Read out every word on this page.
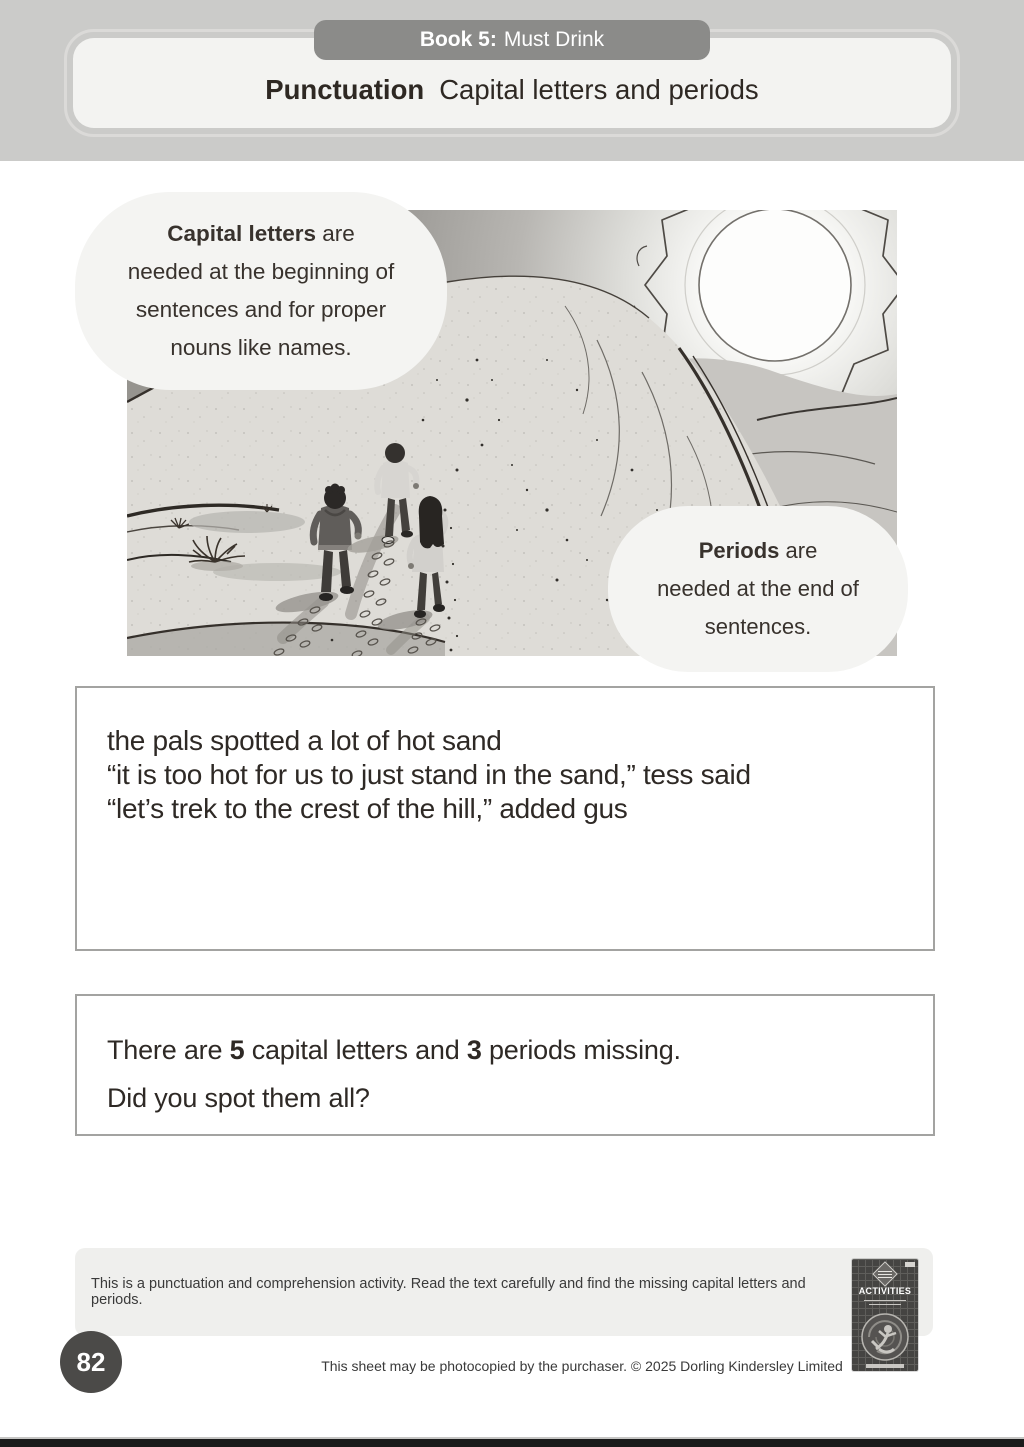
Book 5: Must Drink
Punctuation Capital letters and periods

Capital letters are

needed at the beginning of

sentences and for proper

nouns like names.

Periods are

needed at the end of

sentences.

the pals spotted a lot of hot sand

“it is too hot for us to just stand in the sand,” tess said

“let’s trek to the crest of the hill,” added gus

There are 5 capital letters and 3 periods missing.

Did you spot them all?

This is a punctuation and comprehension activity. Read the text carefully and find the missing capital letters and periods.

ACTIVITIES
82	This sheet may be photocopied by the purchaser. © 2025 Dorling Kindersley Limited
